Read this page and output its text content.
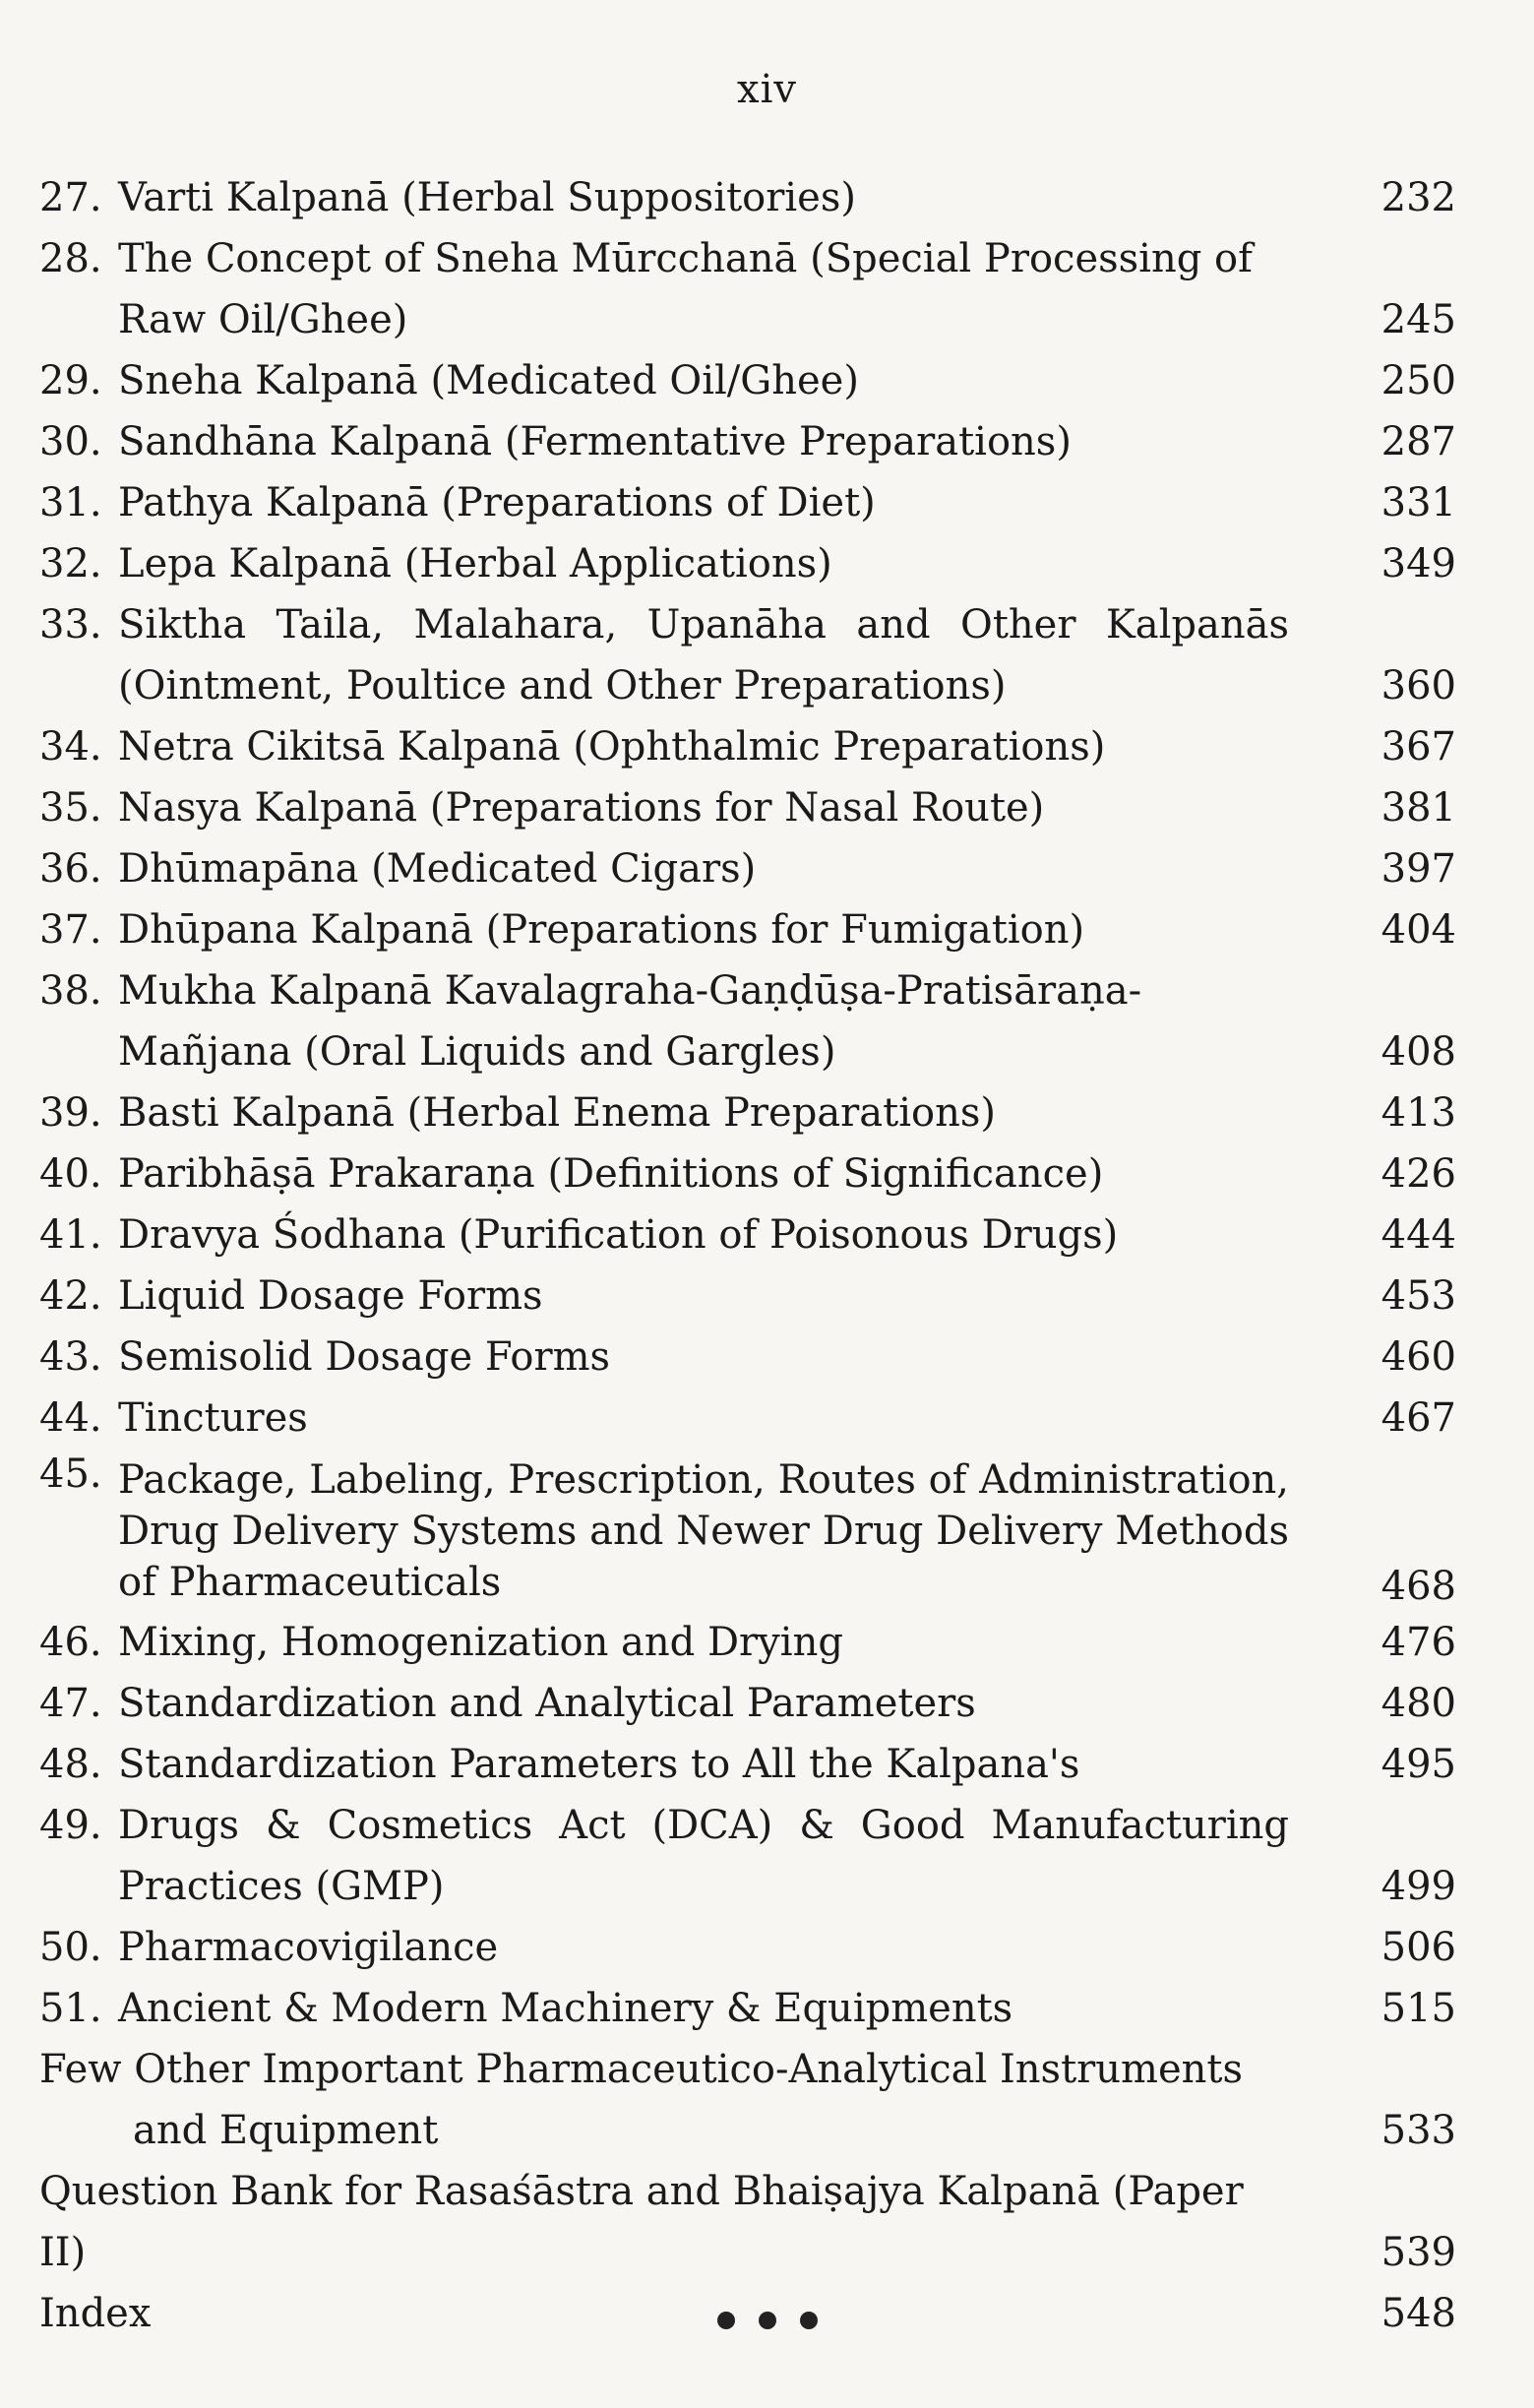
xiv
27. Varti Kalpanā (Herbal Suppositories)	232
28. The Concept of Sneha Mūrcchanā (Special Processing of Raw Oil/Ghee)	245
29. Sneha Kalpanā (Medicated Oil/Ghee)	250
30. Sandhāna Kalpanā (Fermentative Preparations)	287
31. Pathya Kalpanā (Preparations of Diet)	331
32. Lepa Kalpanā (Herbal Applications)	349
33. Siktha Taila, Malahara, Upanāha and Other Kalpanās (Ointment, Poultice and Other Preparations)	360
34. Netra Cikitsā Kalpanā (Ophthalmic Preparations)	367
35. Nasya Kalpanā (Preparations for Nasal Route)	381
36. Dhūmapāna (Medicated Cigars)	397
37. Dhūpana Kalpanā (Preparations for Fumigation)	404
38. Mukha Kalpanā Kavalagraha-Gaṇḍūṣa-Pratisāraṇa-Mañjana (Oral Liquids and Gargles)	408
39. Basti Kalpanā (Herbal Enema Preparations)	413
40. Paribhāṣā Prakaraṇa (Definitions of Significance)	426
41. Dravya Śodhana (Purification of Poisonous Drugs)	444
42. Liquid Dosage Forms	453
43. Semisolid Dosage Forms	460
44. Tinctures	467
45. Package, Labeling, Prescription, Routes of Administration, Drug Delivery Systems and Newer Drug Delivery Methods of Pharmaceuticals	468
46. Mixing, Homogenization and Drying	476
47. Standardization and Analytical Parameters	480
48. Standardization Parameters to All the Kalpana's	495
49. Drugs & Cosmetics Act (DCA) & Good Manufacturing Practices (GMP)	499
50. Pharmacovigilance	506
51. Ancient & Modern Machinery & Equipments	515
Few Other Important Pharmaceutico-Analytical Instruments
and Equipment	533
Question Bank for Rasaśāstra and Bhaiṣajya Kalpanā (Paper II)	539
Index	548
